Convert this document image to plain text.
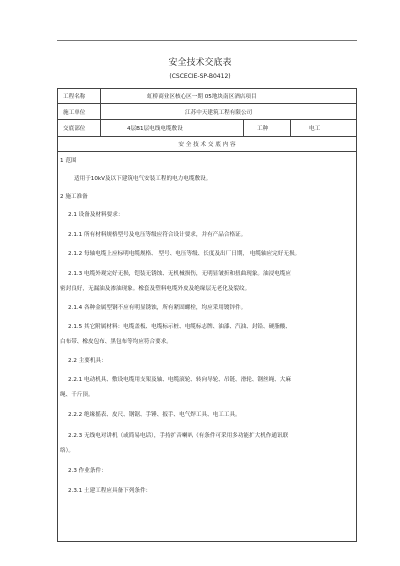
安全技术交底表
(CSCECIE-SP-B0412)
工程名称	虹桥商业区核心区一期 05地块南区酒店项目
施工单位	江苏中天建筑工程有限公司
交底部位	4层B1层电线电缆敷设	工种	电工
安 全 技 术 交 底 内 容
1 范围
适用于10kV及以下建筑电气安装工程的电力电缆敷设。
2 施工准备
2.1 设备及材料要求：
2.1.1 所有材料规格型号及电压等级应符合设计要求，并有产品合格证。
2.1.2 每轴电缆上应标明电缆规格、 型号、电压等级、长度及出厂日期， 电缆轴应完好无损。
2.1.3 电缆外观完好无损，铠装无锈蚀、无机械损伤，无明显皱折和扭曲现象。油浸电缆应
密封良好，无漏油及渗油现象。橡套及塑料电缆外皮及绝缘层无老化及裂纹。
2.1.4 各种金属型钢不应有明显锈蚀，所有紧固螺栓，均应采用镀锌件。
2.1.5 其它附属材料：电缆盖板、电缆标示桩、电缆标志牌、油漆、汽油、封铅、硬脂酸、
白布带、橡皮包布、黑包布等均应符合要求。
2.2 主要机具：
2.2.1 电动机具、敷设电缆用支架及轴、电缆滚轮、转向导轮、吊链、滑轮、钢丝绳、大麻
绳、千斤顶。
2.2.2 绝缘摇表、皮尺、钢锯、手锤、扳手、电气焊工具、电工工具。
2.2.3 无线电对讲机（或简易电话），手持扩音喇叭（有条件可采用多功能扩大机作通讯联
络）。
2.3 作业条件：
2.3.1 土建工程应具备下列条件：
